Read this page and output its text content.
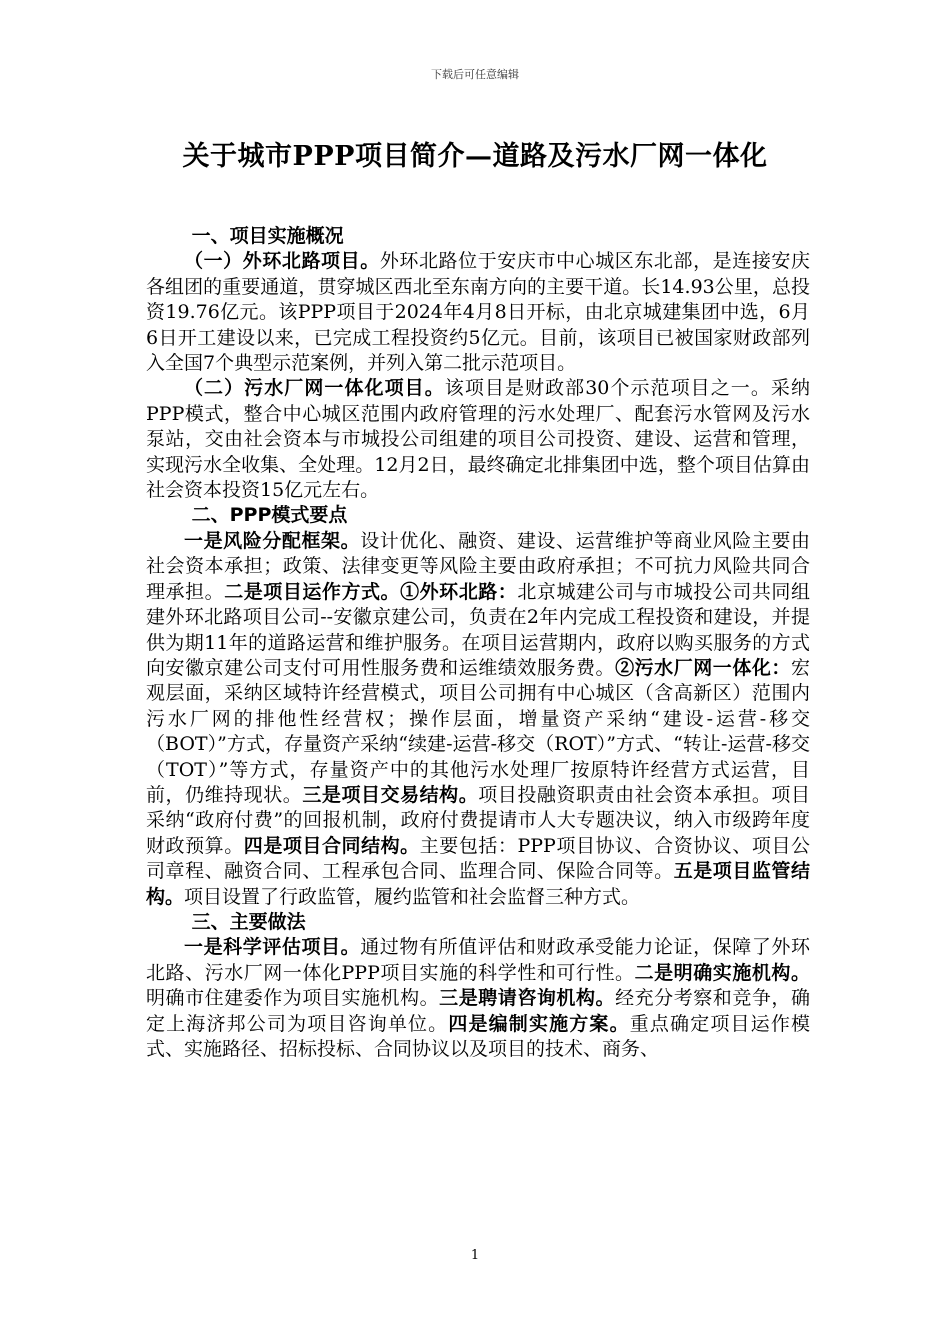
下载后可任意编辑
关于城市PPP项目简介—道路及污水厂网一体化
一、项目实施概况

（一）外环北路项目。外环北路位于安庆市中心城区东北部，是连接安庆各组团的重要通道，贯穿城区西北至东南方向的主要干道。长14.93公里，总投资19.76亿元。该PPP项目于2024年4月8日开标，由北京城建集团中选，6月6日开工建设以来，已完成工程投资约5亿元。目前，该项目已被国家财政部列入全国7个典型示范案例，并列入第二批示范项目。

（二）污水厂网一体化项目。该项目是财政部30个示范项目之一。采纳PPP模式，整合中心城区范围内政府管理的污水处理厂、配套污水管网及污水泵站，交由社会资本与市城投公司组建的项目公司投资、建设、运营和管理，实现污水全收集、全处理。12月2日，最终确定北排集团中选，整个项目估算由社会资本投资15亿元左右。

二、PPP模式要点

一是风险分配框架。设计优化、融资、建设、运营维护等商业风险主要由社会资本承担；政策、法律变更等风险主要由政府承担；不可抗力风险共同合理承担。二是项目运作方式。①外环北路：北京城建公司与市城投公司共同组建外环北路项目公司--安徽京建公司，负责在2年内完成工程投资和建设，并提供为期11年的道路运营和维护服务。在项目运营期内，政府以购买服务的方式向安徽京建公司支付可用性服务费和运维绩效服务费。②污水厂网一体化：宏观层面，采纳区域特许经营模式，项目公司拥有中心城区（含高新区）范围内污水厂网的排他性经营权；操作层面，增量资产采纳“建设-运营-移交（BOT）”方式，存量资产采纳“续建-运营-移交（ROT）”方式、“转让-运营-移交（TOT）”等方式，存量资产中的其他污水处理厂按原特许经营方式运营，目前，仍维持现状。三是项目交易结构。项目投融资职责由社会资本承担。项目采纳“政府付费”的回报机制，政府付费提请市人大专题决议，纳入市级跨年度财政预算。四是项目合同结构。主要包括：PPP项目协议、合资协议、项目公司章程、融资合同、工程承包合同、监理合同、保险合同等。五是项目监管结构。项目设置了行政监管，履约监管和社会监督三种方式。

三、主要做法

一是科学评估项目。通过物有所值评估和财政承受能力论证，保障了外环北路、污水厂网一体化PPP项目实施的科学性和可行性。二是明确实施机构。明确市住建委作为项目实施机构。三是聘请咨询机构。经充分考察和竞争，确定上海济邦公司为项目咨询单位。四是编制实施方案。重点确定项目运作模式、实施路径、招标投标、合同协议以及项目的技术、商务、

1
